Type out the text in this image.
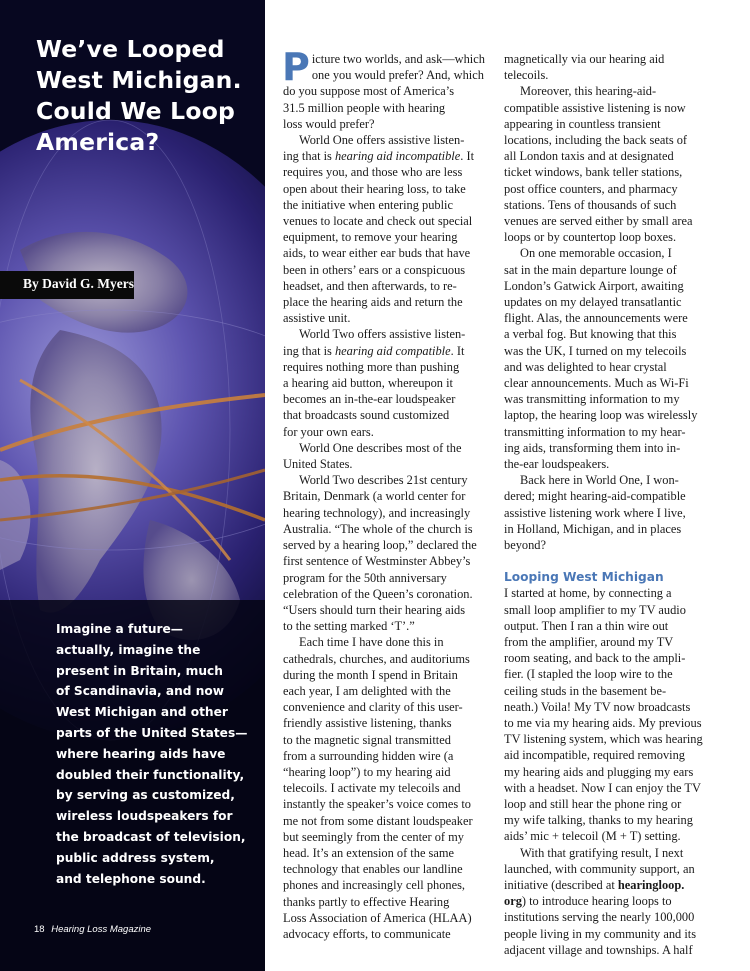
We’ve Looped
West Michigan.
Could We Loop
America?
By David G. Myers
Imagine a future—
actually, imagine the
present in Britain, much
of Scandinavia, and now
West Michigan and other
parts of the United States—
where hearing aids have
doubled their functionality,
by serving as customized,
wireless loudspeakers for
the broadcast of television,
public address system,
and telephone sound.
18 Hearing Loss Magazine
P icture two worlds, and ask—which
one you would prefer? And, which
do you suppose most of America’s
31.5 million people with hearing
loss would prefer?
World One offers assistive listen-
ing that is hearing aid incompatible. It
requires you, and those who are less
open about their hearing loss, to take
the initiative when entering public
venues to locate and check out special
equipment, to remove your hearing
aids, to wear either ear buds that have
been in others’ ears or a conspicuous
headset, and then afterwards, to re-
place the hearing aids and return the
assistive unit.
World Two offers assistive listen-
ing that is hearing aid compatible. It
requires nothing more than pushing
a hearing aid button, whereupon it
becomes an in-the-ear loudspeaker
that broadcasts sound customized
for your own ears.
World One describes most of the
United States.
World Two describes 21st century
Britain, Denmark (a world center for
hearing technology), and increasingly
Australia. “The whole of the church is
served by a hearing loop,” declared the
first sentence of Westminster Abbey’s
program for the 50th anniversary
celebration of the Queen’s coronation.
“Users should turn their hearing aids
to the setting marked ‘T’.”
Each time I have done this in
cathedrals, churches, and auditoriums
during the month I spend in Britain
each year, I am delighted with the
convenience and clarity of this user-
friendly assistive listening, thanks
to the magnetic signal transmitted
from a surrounding hidden wire (a
“hearing loop”) to my hearing aid
telecoils. I activate my telecoils and
instantly the speaker’s voice comes to
me not from some distant loudspeaker
but seemingly from the center of my
head. It’s an extension of the same
technology that enables our landline
phones and increasingly cell phones,
thanks partly to effective Hearing
Loss Association of America (HLAA)
advocacy efforts, to communicate
magnetically via our hearing aid
telecoils.
Moreover, this hearing-aid-
compatible assistive listening is now
appearing in countless transient
locations, including the back seats of
all London taxis and at designated
ticket windows, bank teller stations,
post office counters, and pharmacy
stations. Tens of thousands of such
venues are served either by small area
loops or by countertop loop boxes.
On one memorable occasion, I
sat in the main departure lounge of
London’s Gatwick Airport, awaiting
updates on my delayed transatlantic
flight. Alas, the announcements were
a verbal fog. But knowing that this
was the UK, I turned on my telecoils
and was delighted to hear crystal
clear announcements. Much as Wi-Fi
was transmitting information to my
laptop, the hearing loop was wirelessly
transmitting information to my hear-
ing aids, transforming them into in-
the-ear loudspeakers.
Back here in World One, I won-
dered; might hearing-aid-compatible
assistive listening work where I live,
in Holland, Michigan, and in places
beyond?
Looping West Michigan
I started at home, by connecting a
small loop amplifier to my TV audio
output. Then I ran a thin wire out
from the amplifier, around my TV
room seating, and back to the ampli-
fier. (I stapled the loop wire to the
ceiling studs in the basement be-
neath.) Voila! My TV now broadcasts
to me via my hearing aids. My previous
TV listening system, which was hearing
aid incompatible, required removing
my hearing aids and plugging my ears
with a headset. Now I can enjoy the TV
loop and still hear the phone ring or
my wife talking, thanks to my hearing
aids’ mic + telecoil (M + T) setting.
With that gratifying result, I next
launched, with community support, an
initiative (described at hearingloop.
org) to introduce hearing loops to
institutions serving the nearly 100,000
people living in my community and its
adjacent village and townships. A half
